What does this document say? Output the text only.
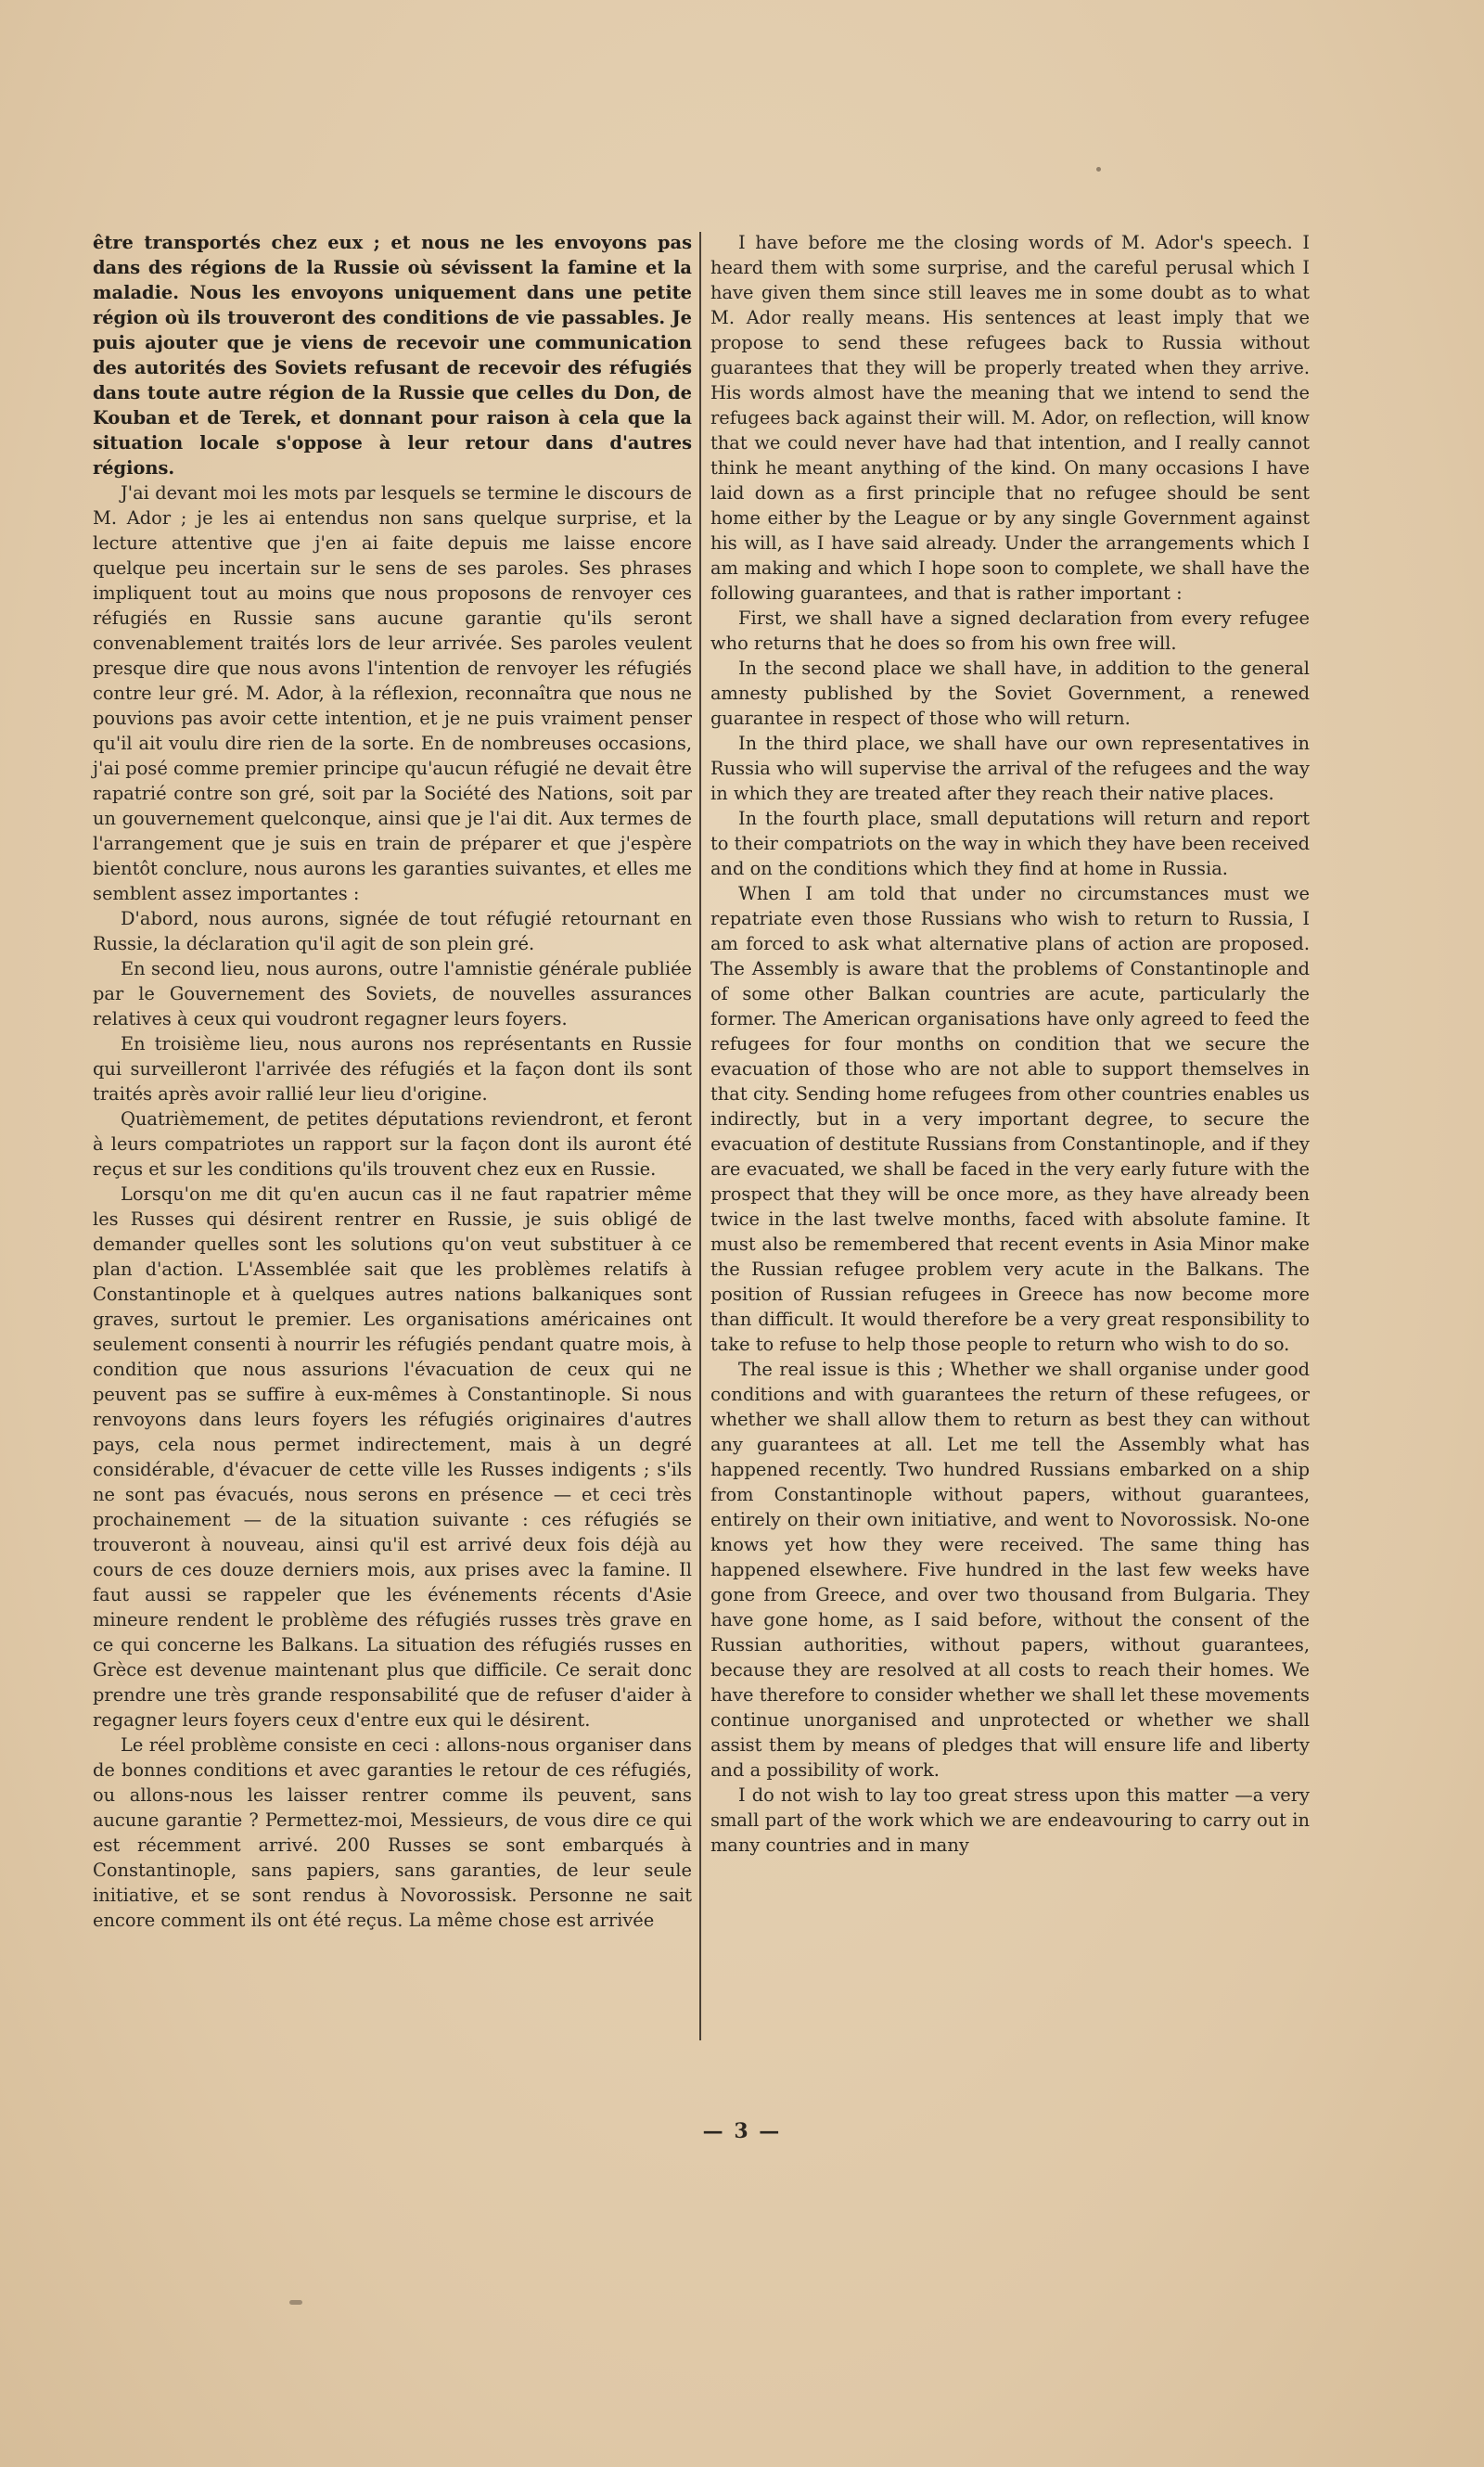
être transportés chez eux ; et nous ne les envoyons pas dans des régions de la Russie où sévissent la famine et la maladie. Nous les envoyons uniquement dans une petite région où ils trouveront des conditions de vie passables. Je puis ajouter que je viens de recevoir une communication des autorités des Soviets refusant de recevoir des réfugiés dans toute autre région de la Russie que celles du Don, de Kouban et de Terek, et donnant pour raison à cela que la situation locale s'oppose à leur retour dans d'autres régions.

J'ai devant moi les mots par lesquels se termine le discours de M. Ador ; je les ai entendus non sans quelque surprise, et la lecture attentive que j'en ai faite depuis me laisse encore quelque peu incertain sur le sens de ses paroles. Ses phrases impliquent tout au moins que nous proposons de renvoyer ces réfugiés en Russie sans aucune garantie qu'ils seront convenablement traités lors de leur arrivée. Ses paroles veulent presque dire que nous avons l'intention de renvoyer les réfugiés contre leur gré. M. Ador, à la réflexion, reconnaîtra que nous ne pouvions pas avoir cette intention, et je ne puis vraiment penser qu'il ait voulu dire rien de la sorte. En de nombreuses occasions, j'ai posé comme premier principe qu'aucun réfugié ne devait être rapatrié contre son gré, soit par la Société des Nations, soit par un gouvernement quelconque, ainsi que je l'ai dit. Aux termes de l'arrangement que je suis en train de préparer et que j'espère bientôt conclure, nous aurons les garanties suivantes, et elles me semblent assez importantes :

D'abord, nous aurons, signée de tout réfugié retournant en Russie, la déclaration qu'il agit de son plein gré.

En second lieu, nous aurons, outre l'amnistie générale publiée par le Gouvernement des Soviets, de nouvelles assurances relatives à ceux qui voudront regagner leurs foyers.

En troisième lieu, nous aurons nos représentants en Russie qui surveilleront l'arrivée des réfugiés et la façon dont ils sont traités après avoir rallié leur lieu d'origine.

Quatrièmement, de petites députations reviendront, et feront à leurs compatriotes un rapport sur la façon dont ils auront été reçus et sur les conditions qu'ils trouvent chez eux en Russie.

Lorsqu'on me dit qu'en aucun cas il ne faut rapatrier même les Russes qui désirent rentrer en Russie, je suis obligé de demander quelles sont les solutions qu'on veut substituer à ce plan d'action. L'Assemblée sait que les problèmes relatifs à Constantinople et à quelques autres nations balkaniques sont graves, surtout le premier. Les organisations américaines ont seulement consenti à nourrir les réfugiés pendant quatre mois, à condition que nous assurions l'évacuation de ceux qui ne peuvent pas se suffire à eux-mêmes à Constantinople. Si nous renvoyons dans leurs foyers les réfugiés originaires d'autres pays, cela nous permet indirectement, mais à un degré considérable, d'évacuer de cette ville les Russes indigents ; s'ils ne sont pas évacués, nous serons en présence — et ceci très prochainement — de la situation suivante : ces réfugiés se trouveront à nouveau, ainsi qu'il est arrivé deux fois déjà au cours de ces douze derniers mois, aux prises avec la famine. Il faut aussi se rappeler que les événements récents d'Asie mineure rendent le problème des réfugiés russes très grave en ce qui concerne les Balkans. La situation des réfugiés russes en Grèce est devenue maintenant plus que difficile. Ce serait donc prendre une très grande responsabilité que de refuser d'aider à regagner leurs foyers ceux d'entre eux qui le désirent.

Le réel problème consiste en ceci : allons-nous organiser dans de bonnes conditions et avec garanties le retour de ces réfugiés, ou allons-nous les laisser rentrer comme ils peuvent, sans aucune garantie ? Permettez-moi, Messieurs, de vous dire ce qui est récemment arrivé. 200 Russes se sont embarqués à Constantinople, sans papiers, sans garanties, de leur seule initiative, et se sont rendus à Novorossisk. Personne ne sait encore comment ils ont été reçus. La même chose est arrivée

I have before me the closing words of M. Ador's speech. I heard them with some surprise, and the careful perusal which I have given them since still leaves me in some doubt as to what M. Ador really means. His sentences at least imply that we propose to send these refugees back to Russia without guarantees that they will be properly treated when they arrive. His words almost have the meaning that we intend to send the refugees back against their will. M. Ador, on reflection, will know that we could never have had that intention, and I really cannot think he meant anything of the kind. On many occasions I have laid down as a first principle that no refugee should be sent home either by the League or by any single Government against his will, as I have said already. Under the arrangements which I am making and which I hope soon to complete, we shall have the following guarantees, and that is rather important :

First, we shall have a signed declaration from every refugee who returns that he does so from his own free will.

In the second place we shall have, in addition to the general amnesty published by the Soviet Government, a renewed guarantee in respect of those who will return.

In the third place, we shall have our own representatives in Russia who will supervise the arrival of the refugees and the way in which they are treated after they reach their native places.

In the fourth place, small deputations will return and report to their compatriots on the way in which they have been received and on the conditions which they find at home in Russia.

When I am told that under no circumstances must we repatriate even those Russians who wish to return to Russia, I am forced to ask what alternative plans of action are proposed. The Assembly is aware that the problems of Constantinople and of some other Balkan countries are acute, particularly the former. The American organisations have only agreed to feed the refugees for four months on condition that we secure the evacuation of those who are not able to support themselves in that city. Sending home refugees from other countries enables us indirectly, but in a very important degree, to secure the evacuation of destitute Russians from Constantinople, and if they are evacuated, we shall be faced in the very early future with the prospect that they will be once more, as they have already been twice in the last twelve months, faced with absolute famine. It must also be remembered that recent events in Asia Minor make the Russian refugee problem very acute in the Balkans. The position of Russian refugees in Greece has now become more than difficult. It would therefore be a very great responsibility to take to refuse to help those people to return who wish to do so.

The real issue is this ; Whether we shall organise under good conditions and with guarantees the return of these refugees, or whether we shall allow them to return as best they can without any guarantees at all. Let me tell the Assembly what has happened recently. Two hundred Russians embarked on a ship from Constantinople without papers, without guarantees, entirely on their own initiative, and went to Novorossisk. No-one knows yet how they were received. The same thing has happened elsewhere. Five hundred in the last few weeks have gone from Greece, and over two thousand from Bulgaria. They have gone home, as I said before, without the consent of the Russian authorities, without papers, without guarantees, because they are resolved at all costs to reach their homes. We have therefore to consider whether we shall let these movements continue unorganised and unprotected or whether we shall assist them by means of pledges that will ensure life and liberty and a possibility of work.

I do not wish to lay too great stress upon this matter —a very small part of the work which we are endeavouring to carry out in many countries and in many

— 3 —
